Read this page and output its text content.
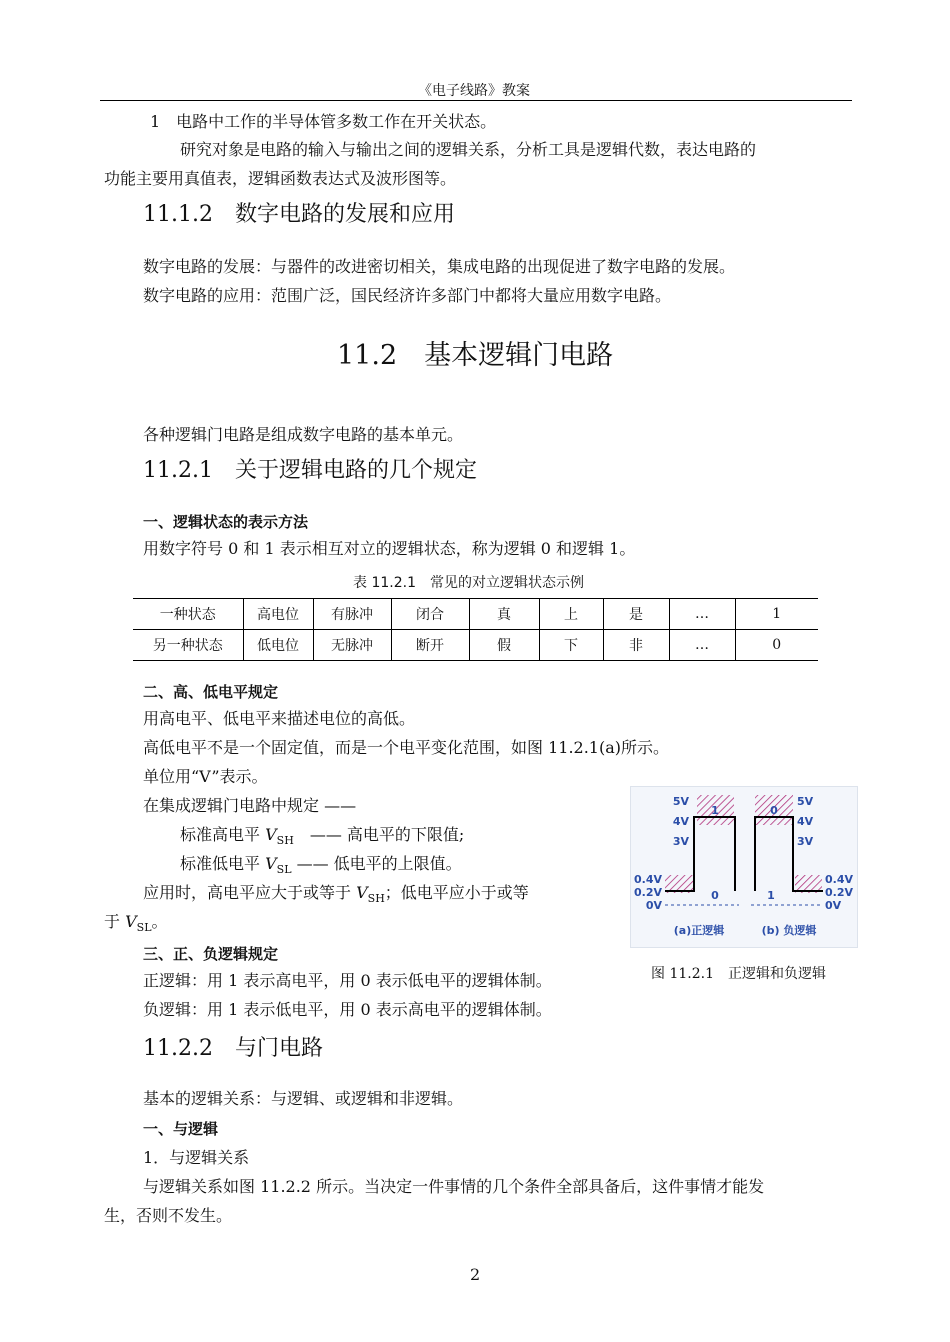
《电子线路》教案
1　电路中工作的半导体管多数工作在开关状态。
研究对象是电路的输入与输出之间的逻辑关系，分析工具是逻辑代数，表达电路的
功能主要用真值表，逻辑函数表达式及波形图等。
11.1.2　数字电路的发展和应用
数字电路的发展：与器件的改进密切相关，集成电路的出现促进了数字电路的发展。
数字电路的应用：范围广泛，国民经济许多部门中都将大量应用数字电路。
11.2　基本逻辑门电路
各种逻辑门电路是组成数字电路的基本单元。
11.2.1　关于逻辑电路的几个规定
一、逻辑状态的表示方法
用数字符号 0 和 1 表示相互对立的逻辑状态，称为逻辑 0 和逻辑 1。
表 11.2.1　常见的对立逻辑状态示例
一种状态	高电位	有脉冲	闭合	真	上	是	…	1
另一种状态	低电位	无脉冲	断开	假	下	非	…	0
二、高、低电平规定
用高电平、低电平来描述电位的高低。
高低电平不是一个固定值，而是一个电平变化范围，如图 11.2.1(a)所示。
单位用“V”表示。
在集成逻辑门电路中规定 ——
标准高电平 $V_{SH}$　 —— 高电平的下限值;
标准低电平 $V_{SL}$ —— 低电平的上限值。
应用时，高电平应大于或等于 $V_{SH}$；低电平应小于或等
于 $V_{SL}$。
三、正、负逻辑规定
正逻辑：用 1 表示高电平，用 0 表示低电平的逻辑体制。
负逻辑：用 1 表示低电平，用 0 表示高电平的逻辑体制。
5V
4V
3V
0.4V
0.2V
0V
5V
4V
3V
0.4V
0.2V
0V
1
0
0
1
(a)正逻辑	(b) 负逻辑
图 11.2.1　正逻辑和负逻辑
11.2.2　与门电路
基本的逻辑关系：与逻辑、或逻辑和非逻辑。
一、与逻辑
1．与逻辑关系
与逻辑关系如图 11.2.2 所示。当决定一件事情的几个条件全部具备后，这件事情才能发
生，否则不发生。
2
